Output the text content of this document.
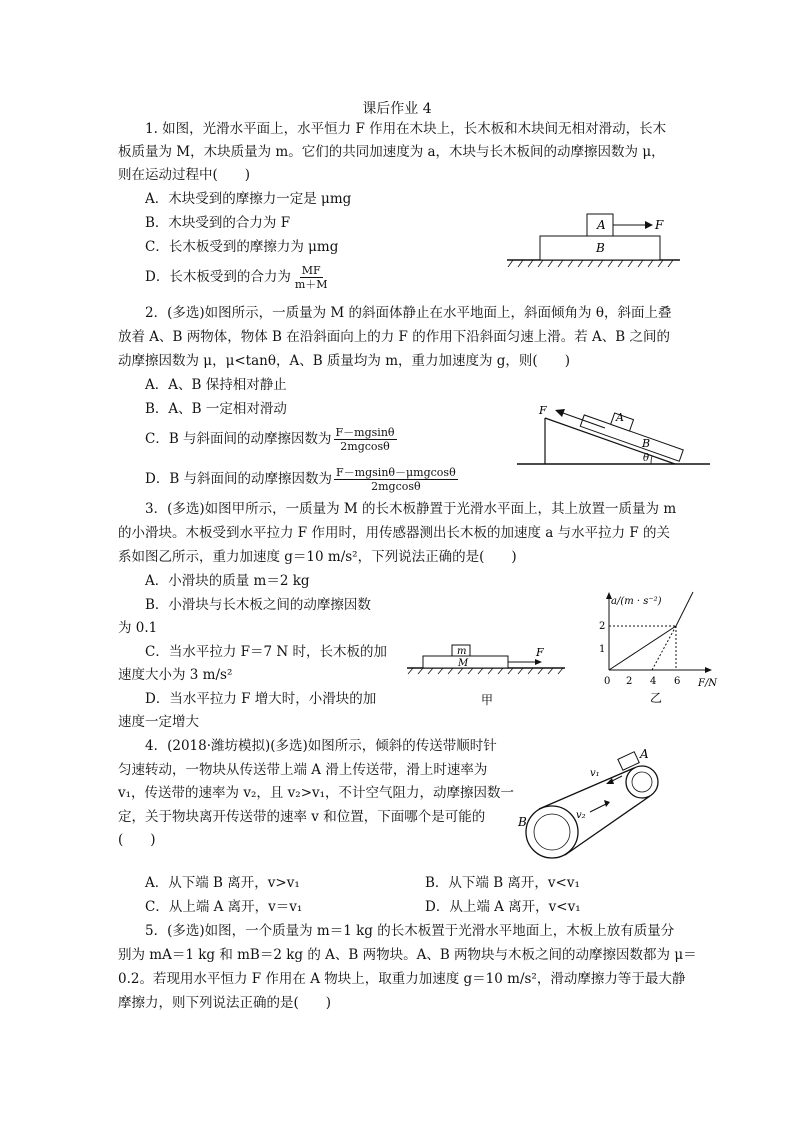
课后作业 4
1. 如图，光滑水平面上，水平恒力 F 作用在木块上，长木板和木块间无相对滑动，长木
板质量为 M，木块质量为 m。它们的共同加速度为 a，木块与长木板间的动摩擦因数为 μ，
则在运动过程中(　　)
A．木块受到的摩擦力一定是 μmg
B．木块受到的合力为 F
C．长木板受到的摩擦力为 μmg
D．长木板受到的合力为 $\frac{MF}{m+M}$
A
B
F
2．(多选)如图所示，一质量为 M 的斜面体静止在水平地面上，斜面倾角为 θ，斜面上叠
放着 A、B 两物体，物体 B 在沿斜面向上的力 F 的作用下沿斜面匀速上滑。若 A、B 之间的
动摩擦因数为 μ，μ<tanθ，A、B 质量均为 m，重力加速度为 g，则(　　)
A．A、B 保持相对静止
B．A、B 一定相对滑动
C．B 与斜面间的动摩擦因数为 $\frac{F-mgsin\theta}{2mgcos\theta}$
D．B 与斜面间的动摩擦因数为 $\frac{\text{F－mgsinθ－μmgcosθ}}{2mgcos\theta}$
A
B
F
θ
3．(多选)如图甲所示，一质量为 M 的长木板静置于光滑水平面上，其上放置一质量为 m
的小滑块。木板受到水平拉力 F 作用时，用传感器测出长木板的加速度 a 与水平拉力 F 的关
系如图乙所示，重力加速度 g＝10 m/s²，下列说法正确的是(　　)
A．小滑块的质量 m＝2 kg
B．小滑块与长木板之间的动摩擦因数
为 0.1
C．当水平拉力 F＝7 N 时，长木板的加
速度大小为 3 m/s²
D．当水平拉力 F 增大时，小滑块的加
速度一定增大
m
M
F
甲
a/(m · s⁻²)
F/N
0 2 4 6
1
2
乙
4．(2018·潍坊模拟)(多选)如图所示，倾斜的传送带顺时针
匀速转动，一物块从传送带上端 A 滑上传送带，滑上时速率为
v₁，传送带的速率为 v₂，且 v₂>v₁，不计空气阻力，动摩擦因数一
定，关于物块离开传送带的速率 v 和位置，下面哪个是可能的
(　　)
A．从下端 B 离开，v>v₁	B．从下端 B 离开，v<v₁
C．从上端 A 离开，v＝v₁	D．从上端 A 离开，v<v₁
A
B
v₁
v₂
5．(多选)如图，一个质量为 m＝1 kg 的长木板置于光滑水平地面上，木板上放有质量分
别为 mA＝1 kg 和 mB＝2 kg 的 A、B 两物块。A、B 两物块与木板之间的动摩擦因数都为 μ＝
0.2。若现用水平恒力 F 作用在 A 物块上，取重力加速度 g＝10 m/s²，滑动摩擦力等于最大静
摩擦力，则下列说法正确的是(　　)
